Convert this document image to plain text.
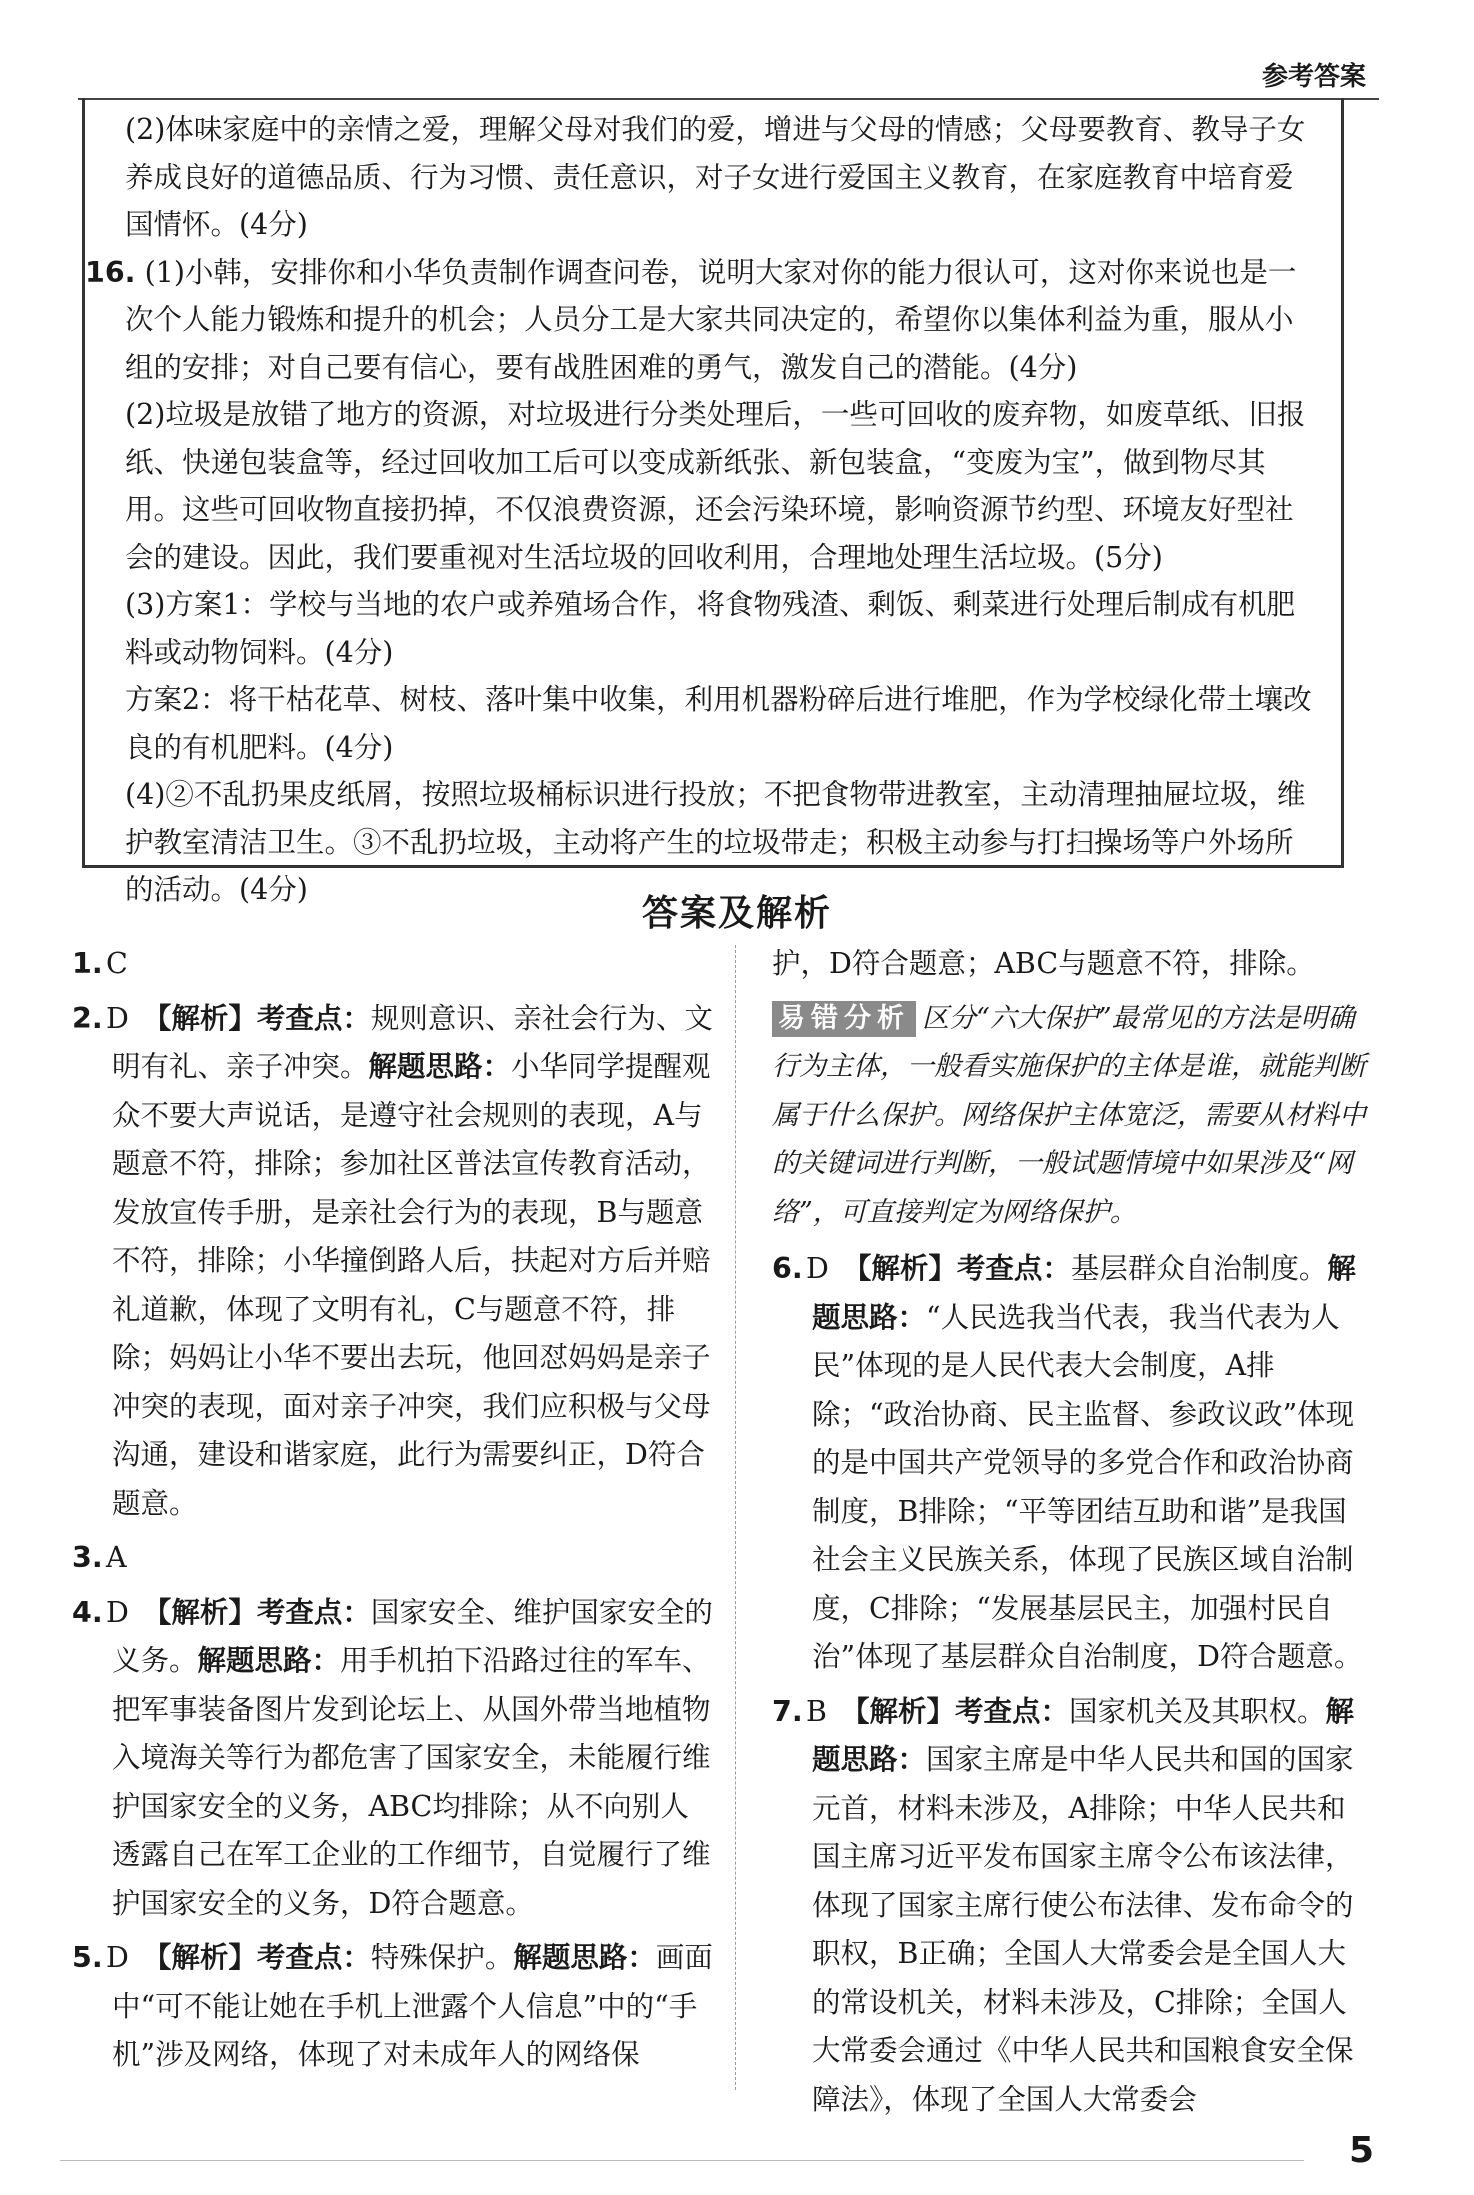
参考答案

(2)体味家庭中的亲情之爱，理解父母对我们的爱，增进与父母的情感；父母要教育、教导子女养成良好的道德品质、行为习惯、责任意识，对子女进行爱国主义教育，在家庭教育中培育爱国情怀。(4分)

16. (1)小韩，安排你和小华负责制作调查问卷，说明大家对你的能力很认可，这对你来说也是一次个人能力锻炼和提升的机会；人员分工是大家共同决定的，希望你以集体利益为重，服从小组的安排；对自己要有信心，要有战胜困难的勇气，激发自己的潜能。(4分)

(2)垃圾是放错了地方的资源，对垃圾进行分类处理后，一些可回收的废弃物，如废草纸、旧报纸、快递包装盒等，经过回收加工后可以变成新纸张、新包装盒，“变废为宝”，做到物尽其用。这些可回收物直接扔掉，不仅浪费资源，还会污染环境，影响资源节约型、环境友好型社会的建设。因此，我们要重视对生活垃圾的回收利用，合理地处理生活垃圾。(5分)

(3)方案1：学校与当地的农户或养殖场合作，将食物残渣、剩饭、剩菜进行处理后制成有机肥料或动物饲料。(4分)

方案2：将干枯花草、树枝、落叶集中收集，利用机器粉碎后进行堆肥，作为学校绿化带土壤改良的有机肥料。(4分)

(4)②不乱扔果皮纸屑，按照垃圾桶标识进行投放；不把食物带进教室，主动清理抽屉垃圾，维护教室清洁卫生。③不乱扔垃圾，主动将产生的垃圾带走；积极主动参与打扫操场等户外场所的活动。(4分)

答案及解析

1. C

2. D 【解析】考查点：规则意识、亲社会行为、文明有礼、亲子冲突。解题思路：小华同学提醒观众不要大声说话，是遵守社会规则的表现，A与题意不符，排除；参加社区普法宣传教育活动，发放宣传手册，是亲社会行为的表现，B与题意不符，排除；小华撞倒路人后，扶起对方后并赔礼道歉，体现了文明有礼，C与题意不符，排除；妈妈让小华不要出去玩，他回怼妈妈是亲子冲突的表现，面对亲子冲突，我们应积极与父母沟通，建设和谐家庭，此行为需要纠正，D符合题意。

3. A

4. D 【解析】考查点：国家安全、维护国家安全的义务。解题思路：用手机拍下沿路过往的军车、把军事装备图片发到论坛上、从国外带当地植物入境海关等行为都危害了国家安全，未能履行维护国家安全的义务，ABC均排除；从不向别人透露自己在军工企业的工作细节，自觉履行了维护国家安全的义务，D符合题意。

5. D 【解析】考查点：特殊保护。解题思路：画面中“可不能让她在手机上泄露个人信息”中的“手机”涉及网络，体现了对未成年人的网络保

护，D符合题意；ABC与题意不符，排除。

易错分析 区分“六大保护”最常见的方法是明确行为主体，一般看实施保护的主体是谁，就能判断属于什么保护。网络保护主体宽泛，需要从材料中的关键词进行判断，一般试题情境中如果涉及“网络”，可直接判定为网络保护。

6. D 【解析】考查点：基层群众自治制度。解题思路：“人民选我当代表，我当代表为人民”体现的是人民代表大会制度，A排除；“政治协商、民主监督、参政议政”体现的是中国共产党领导的多党合作和政治协商制度，B排除；“平等团结互助和谐”是我国社会主义民族关系，体现了民族区域自治制度，C排除；“发展基层民主，加强村民自治”体现了基层群众自治制度，D符合题意。

7. B 【解析】考查点：国家机关及其职权。解题思路：国家主席是中华人民共和国的国家元首，材料未涉及，A排除；中华人民共和国主席习近平发布国家主席令公布该法律，体现了国家主席行使公布法律、发布命令的职权，B正确；全国人大常委会是全国人大的常设机关，材料未涉及，C排除；全国人大常委会通过《中华人民共和国粮食安全保障法》，体现了全国人大常委会

5
